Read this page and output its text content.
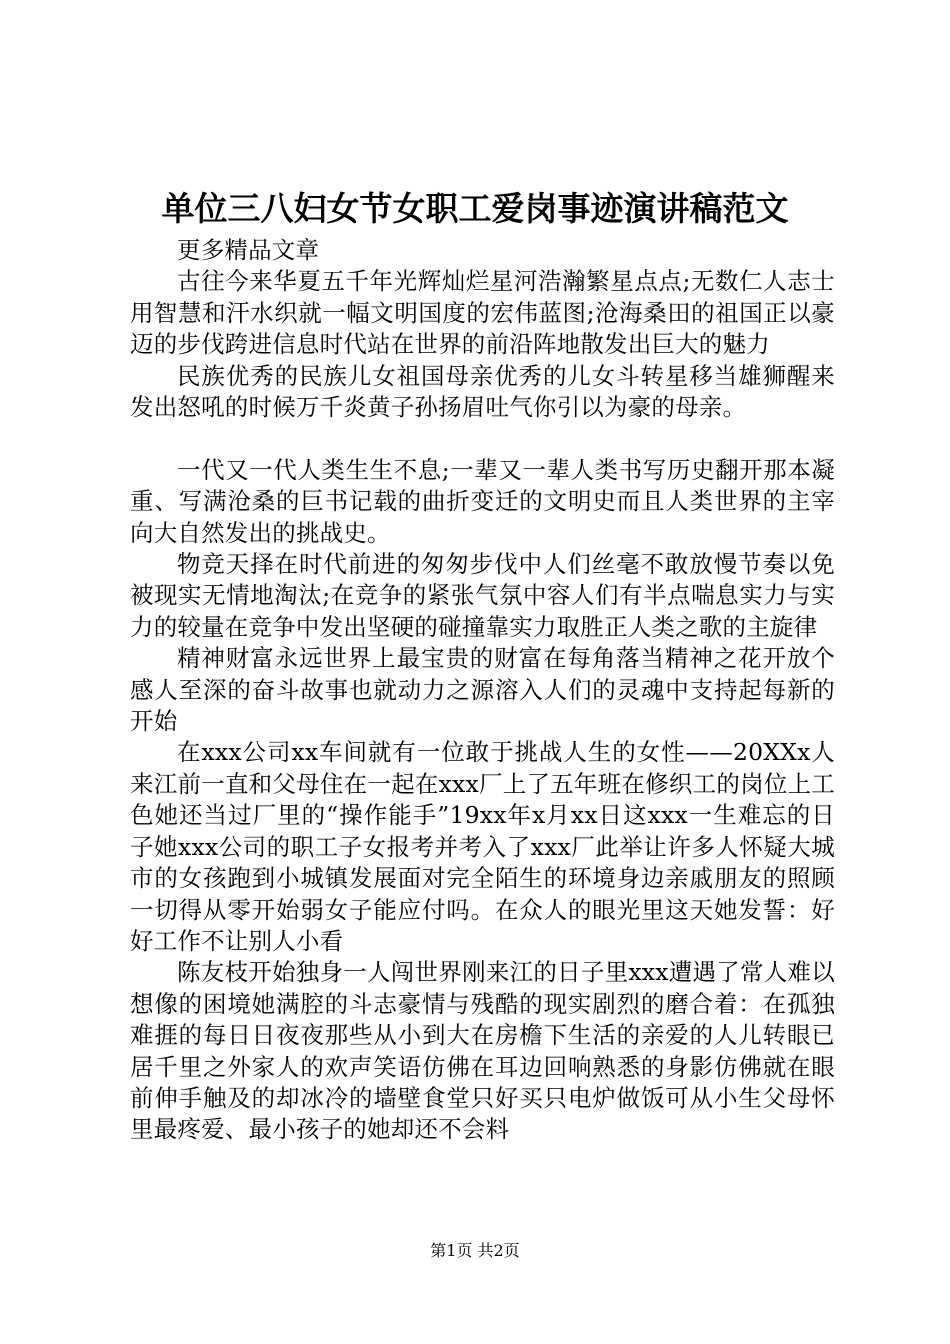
单位三八妇女节女职工爱岗事迹演讲稿范文

更多精品文章

古往今来华夏五千年光辉灿烂星河浩瀚繁星点点;无数仁人志士用智慧和汗水织就一幅文明国度的宏伟蓝图;沧海桑田的祖国正以豪迈的步伐跨进信息时代站在世界的前沿阵地散发出巨大的魅力

民族优秀的民族儿女祖国母亲优秀的儿女斗转星移当雄狮醒来发出怒吼的时候万千炎黄子孙扬眉吐气你引以为豪的母亲。

一代又一代人类生生不息;一辈又一辈人类书写历史翻开那本凝重、写满沧桑的巨书记载的曲折变迁的文明史而且人类世界的主宰向大自然发出的挑战史。

物竞天择在时代前进的匆匆步伐中人们丝毫不敢放慢节奏以免被现实无情地淘汰;在竞争的紧张气氛中容人们有半点喘息实力与实力的较量在竞争中发出坚硬的碰撞靠实力取胜正人类之歌的主旋律

精神财富永远世界上最宝贵的财富在每角落当精神之花开放个感人至深的奋斗故事也就动力之源溶入人们的灵魂中支持起每新的开始

在xxx公司xx车间就有一位敢于挑战人生的女性——20XXx人来江前一直和父母住在一起在xxx厂上了五年班在修织工的岗位上工色她还当过厂里的“操作能手”19xx年x月xx日这xxx一生难忘的日子她xxx公司的职工子女报考并考入了xxx厂此举让许多人怀疑大城市的女孩跑到小城镇发展面对完全陌生的环境身边亲戚朋友的照顾一切得从零开始弱女子能应付吗。在众人的眼光里这天她发誓：好好工作不让别人小看

陈友枝开始独身一人闯世界刚来江的日子里xxx遭遇了常人难以想像的困境她满腔的斗志豪情与残酷的现实剧烈的磨合着：在孤独难捱的每日日夜夜那些从小到大在房檐下生活的亲爱的人儿转眼已居千里之外家人的欢声笑语仿佛在耳边回响熟悉的身影仿佛就在眼前伸手触及的却冰冷的墙壁食堂只好买只电炉做饭可从小生父母怀里最疼爱、最小孩子的她却还不会料

第1页 共2页
